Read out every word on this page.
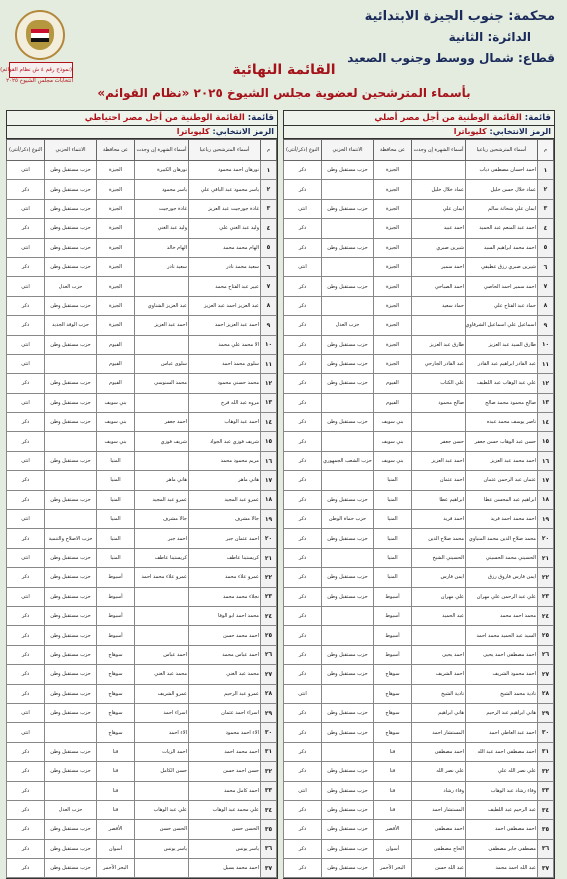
محكمة: جنوب الجيزة الابتدائية
الدائرة: الثانية
قطاع: شمال ووسط وجنوب الصعيد
(نموذج رقم ٤ ش نظام القوائم)
انتخابات مجلس الشيوخ ٢٠٢٥
القائمة النهائية
بأسماء المترشحين لعضوية مجلس الشيوخ ٢٠٢٥ «نظام القوائم»
قائمة: القائمة الوطنية من أجل مصر أصلي
الرمز الانتخابي: كليوباترا
م	أسماء المترشحين رباعيا	أسماء الشهرة إن وجدت	عن محافظة	الانتماء الحزبي	النوع (ذكر/أنثى)
١	احمد احسان مصطفى دياب		الجيزة	حزب مستقبل وطن	ذكر
٢	عماد خلال حسن خليل	عماد خلال خليل	الجيزة		ذكر
٣	ايمان علي شحاتة سالم	ايمان علي	الجيزة	حزب مستقبل وطن	انثى
٤	احمد عبد المنعم عبد الحميد	احمد عبيد	الجيزة		ذكر
٥	احمد محمد ابراهيم السيد	شيرين صبري	الجيزة	حزب مستقبل وطن	ذكر
٦	شيرين صبري رزق عطيفي	احمد سمير	الجيزة		انثى
٧	احمد سمير احمد الحاصي	احمد الصباحي	الجيزة	حزب مستقبل وطن	ذكر
٨	حماد عبد الفتاح علي	حماد سعيد	الجيزة		ذكر
٩	اسماعيل علي اسماعيل الشرقاوي		الجيزة	حزب العدل	ذكر
١٠	طارق السيد عبد العزيز	طارق عبد العزيز	الجيزة	حزب مستقبل وطن	ذكر
١١	عبد القادر ابراهيم عبد القادر	عبد القادر الجارحي	الجيزة	حزب مستقبل وطن	ذكر
١٢	علي عبد الوهاب عبد اللطيف	علي الكتاب	الفيوم	حزب مستقبل وطن	ذكر
١٣	صالح محمود محمد صالح	صالح محمود	الفيوم		ذكر
١٤	ناصر يوسف محمد عبده		بني سويف	حزب مستقبل وطن	ذكر
١٥	حسن عبد الوهاب حسن جعفر	حسن جعفر	بني سويف		ذكر
١٦	احمد محمد عبد العزيز	احمد عبد العزيز	بني سويف	حزب الشعب الجمهوري	ذكر
١٧	عثمان عبد الرحمن عثمان	احمد عثمان	المنيا		ذكر
١٨	ابراهيم عبد المحسن عطا	ابراهيم عطا	المنيا	حزب مستقبل وطن	ذكر
١٩	احمد محمد احمد فريد	احمد فريد	المنيا	حزب حماة الوطن	ذكر
٢٠	محمد صلاح الدين محمد المنياوي	محمد صلاح الدين	المنيا	حزب مستقبل وطن	ذكر
٢١	الحسيني محمد الحسيني	الحسيني الشيخ	المنيا		ذكر
٢٢	ايمن فارس فاروق رزق	ايمن فارس	المنيا	حزب مستقبل وطن	ذكر
٢٣	علي عبد الرحمن علي مهران	علي مهران	أسيوط	حزب مستقبل وطن	ذكر
٢٤	محمد احمد محمد	عبد الحميد	أسيوط		ذكر
٢٥	السيد عبد الحميد محمد احمد		أسيوط		ذكر
٢٦	احمد مصطفى احمد يحيى	احمد يحيى	أسيوط	حزب مستقبل وطن	ذكر
٢٧	احمد محمود الشريف	احمد الشريف	سوهاج	حزب مستقبل وطن	ذكر
٢٨	نادية محمد الشيخ	نادية الشيخ	سوهاج		انثى
٢٩	هاني ابراهيم عبد الرحيم	هاني ابراهيم	سوهاج	حزب مستقبل وطن	ذكر
٣٠	احمد عبد العاطي احمد	المستشار احمد	سوهاج	حزب مستقبل وطن	ذكر
٣١	احمد مصطفى احمد عبد الله	احمد مصطفى	قنا		ذكر
٣٢	علي نصر الله علي	علي نصر الله	قنا	حزب مستقبل وطن	ذكر
٣٣	وفاء رشاد عبد الوهاب	وفاء رشاد	قنا	حزب مستقبل وطن	انثى
٣٤	عبد الرحيم عبد اللطيف	المستشار احمد	قنا	حزب مستقبل وطن	ذكر
٣٥	احمد مصطفى احمد	احمد مصطفى	الأقصر	حزب مستقبل وطن	ذكر
٣٦	مصطفى جابر مصطفى	الحاج مصطفى	أسوان	حزب مستقبل وطن	ذكر
٣٧	عبد الله احمد محمد	عبد الله حسن	البحر الأحمر	حزب مستقبل وطن	ذكر
قائمة: القائمة الوطنية من أجل مصر احتياطي
الرمز الانتخابي: كليوباترا
م	أسماء المترشحين رباعيا	أسماء الشهرة إن وجدت	عن محافظة	الانتماء الحزبي	النوع (ذكر/أنثى)
١	نورهان احمد محمود	نورهان الكبيرة	الجيزة	حزب مستقبل وطن	انثى
٢	ياسر محمود عبد الباقي علي	ياسر محمود	الجيزة	حزب مستقبل وطن	ذكر
٣	غادة جورجيت عبد العزيز	غادة جورجيت	الجيزة	حزب مستقبل وطن	انثى
٤	وليد عبد الغني علي	وليد عبد الغني	الجيزة	حزب مستقبل وطن	ذكر
٥	الهام محمد محمد	الهام خالد	الجيزة	حزب مستقبل وطن	انثى
٦	سعيد محمد نادر	سعيد نادر	الجيزة	حزب مستقبل وطن	ذكر
٧	عبير عبد الفتاح محمد		الجيزة	حزب العدل	انثى
٨	عبد العزيز احمد عبد العزيز	عبد العزيز الشناوي	الجيزة	حزب مستقبل وطن	ذكر
٩	احمد عبد العزيز احمد	احمد عبد العزيز	الجيزة	حزب الوفد الجديد	ذكر
١٠	الا محمد علي محمد		الفيوم	حزب مستقبل وطن	انثى
١١	سلوى محمد احمد	سلوى عباس	الفيوم		انثى
١٢	محمد حسني محمود	محمد السنوسي	الفيوم	حزب مستقبل وطن	ذكر
١٣	مروه عبد الله فرج		بني سويف	حزب مستقبل وطن	انثى
١٤	احمد عبد الوهاب	احمد جعفر	بني سويف	حزب مستقبل وطن	ذكر
١٥	شريف فوزي عبد الجواد	شريف فوزي	بني سويف		ذكر
١٦	مريم محمود محمد		المنيا	حزب مستقبل وطن	انثى
١٧	هاني ماهر	هاني ماهر	المنيا		ذكر
١٨	عمرو عبد المجيد	عمرو عبد المجيد	المنيا	حزب مستقبل وطن	ذكر
١٩	جالا مشرف	جالا مشرف	المنيا		انثى
٢٠	احمد عثمان جبر	احمد جبر	المنيا	حزب الاصلاح والتنمية	ذكر
٢١	كريستينا عاطف	كريستينا عاطف	المنيا	حزب مستقبل وطن	انثى
٢٢	عمرو علاء محمد	عمرو علاء محمد احمد	أسيوط	حزب مستقبل وطن	ذكر
٢٣	نجلاء محمد محمد		أسيوط	حزب مستقبل وطن	انثى
٢٤	محمد احمد ابو الوفا		أسيوط	حزب مستقبل وطن	ذكر
٢٥	احمد محمد حسن		أسيوط	حزب مستقبل وطن	ذكر
٢٦	احمد عباس محمد	احمد عباس	سوهاج	حزب مستقبل وطن	ذكر
٢٧	محمد عبد الغني	محمد عبد الغني	سوهاج	حزب مستقبل وطن	ذكر
٢٨	عمرو عبد الرحيم	عمرو الشريف	سوهاج	حزب مستقبل وطن	ذكر
٢٩	اسراء احمد عثمان	اسراء احمد	سوهاج	حزب مستقبل وطن	انثى
٣٠	الاء احمد محمود	الاء احمد	سوهاج		انثى
٣١	احمد محمد احمد	احمد الزيات	قنا	حزب مستقبل وطن	ذكر
٣٢	حسن احمد حسن	حسن الكامل	قنا	حزب مستقبل وطن	ذكر
٣٣	احمد كامل محمد		قنا		ذكر
٣٤	علي محمد عبد الوهاب	علي عبد الوهاب	قنا	حزب العدل	ذكر
٣٥	الحسن حسن	الحسن حسن	الأقصر	حزب مستقبل وطن	ذكر
٣٦	ياسر يونس	ياسر يونس	أسوان	حزب مستقبل وطن	ذكر
٣٧	احمد محمد بسيل		البحر الأحمر	حزب مستقبل وطن	ذكر
